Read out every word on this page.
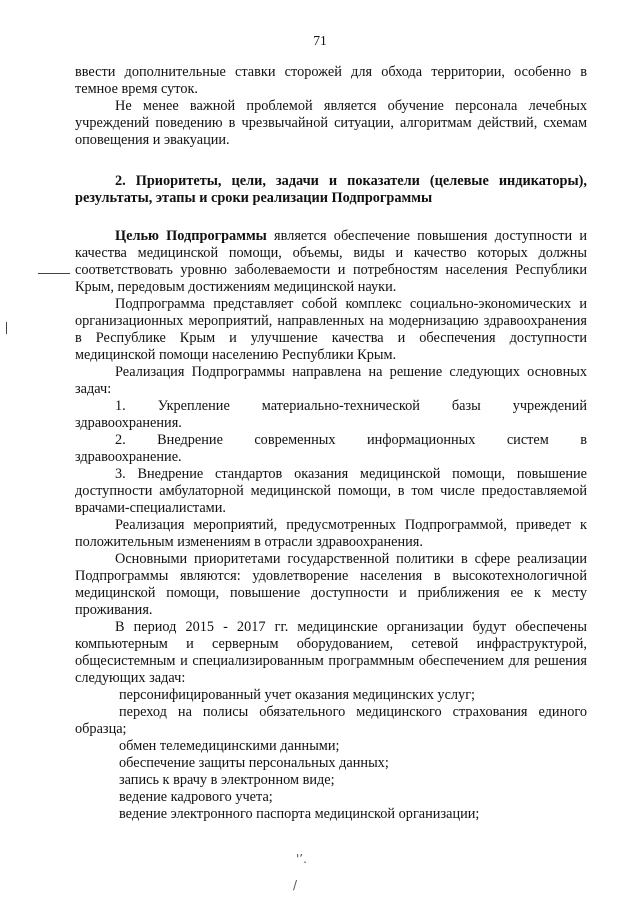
71
'’.
/

ввести дополнительные ставки сторожей для обхода территории, особенно в темное время суток.

Не менее важной проблемой является обучение персонала лечебных учреждений поведению в чрезвычайной ситуации, алгоритмам действий, схемам оповещения и эвакуации.

2. Приоритеты, цели, задачи и показатели (целевые индикаторы), результаты, этапы и сроки реализации Подпрограммы

Целью Подпрограммы является обеспечение повышения доступности и качества медицинской помощи, объемы, виды и качество которых должны соответствовать уровню заболеваемости и потребностям населения Республики Крым, передовым достижениям медицинской науки.

Подпрограмма представляет собой комплекс социально-экономических и организационных мероприятий, направленных на модернизацию здравоохранения в Республике Крым и улучшение качества и обеспечения доступности медицинской помощи населению Республики Крым.

Реализация Подпрограммы направлена на решение следующих основных задач:

1. Укрепление материально-технической базы учреждений здравоохранения.

2. Внедрение современных информационных систем в здравоохранение.

3. Внедрение стандартов оказания медицинской помощи, повышение доступности амбулаторной медицинской помощи, в том числе предоставляемой врачами-специалистами.

Реализация мероприятий, предусмотренных Подпрограммой, приведет к положительным изменениям в отрасли здравоохранения.

Основными приоритетами государственной политики в сфере реализации Подпрограммы являются: удовлетворение населения в высокотехнологичной медицинской помощи, повышение доступности и приближения ее к месту проживания.

В период 2015 - 2017 гг. медицинские организации будут обеспечены компьютерным и серверным оборудованием, сетевой инфраструктурой, общесистемным и специализированным программным обеспечением для решения следующих задач:

персонифицированный учет оказания медицинских услуг;

переход на полисы обязательного медицинского страхования единого образца;

обмен телемедицинскими данными;

обеспечение защиты персональных данных;

запись к врачу в электронном виде;

ведение кадрового учета;

ведение электронного паспорта медицинской организации;
